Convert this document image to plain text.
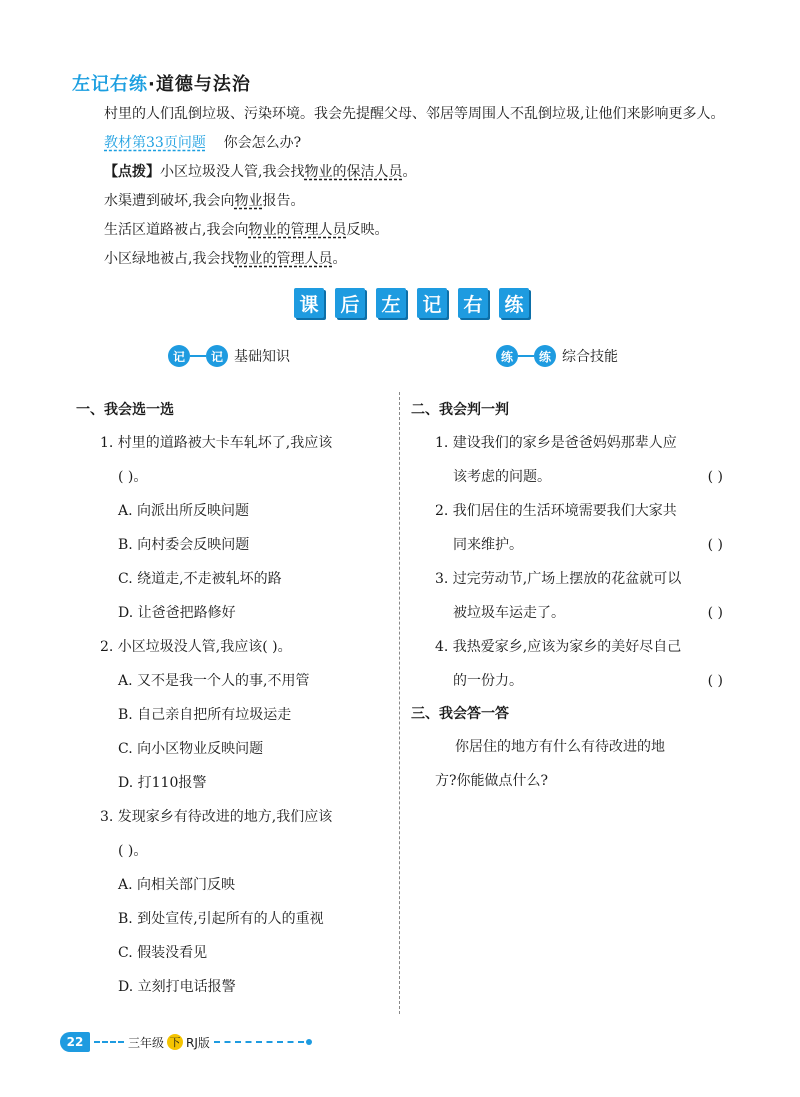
左记右练·道德与法治
村里的人们乱倒垃圾、污染环境。我会先提醒父母、邻居等周围人不乱倒垃圾,让他们来影响更多人。
教材第33页问题 你会怎么办?
【点拨】小区垃圾没人管,我会找物业的保洁人员。
水渠遭到破坏,我会向物业报告。
生活区道路被占,我会向物业的管理人员反映。
小区绿地被占,我会找物业的管理人员。
课 后 左 记 右 练
记	记 基础知识	练	练 综合技能
一、我会选一选
1. 村里的道路被大卡车轧坏了,我应该
( )。
A. 向派出所反映问题
B. 向村委会反映问题
C. 绕道走,不走被轧坏的路
D. 让爸爸把路修好
2. 小区垃圾没人管,我应该( )。
A. 又不是我一个人的事,不用管
B. 自己亲自把所有垃圾运走
C. 向小区物业反映问题
D. 打110报警
3. 发现家乡有待改进的地方,我们应该
( )。
A. 向相关部门反映
B. 到处宣传,引起所有的人的重视
C. 假装没看见
D. 立刻打电话报警
二、我会判一判
1. 建设我们的家乡是爸爸妈妈那辈人应
该考虑的问题。	( )
2. 我们居住的生活环境需要我们大家共
同来维护。	( )
3. 过完劳动节,广场上摆放的花盆就可以
被垃圾车运走了。	( )
4. 我热爱家乡,应该为家乡的美好尽自己
的一份力。	( )
三、我会答一答
你居住的地方有什么有待改进的地
方?你能做点什么?
22	三年级 下 RJ版
